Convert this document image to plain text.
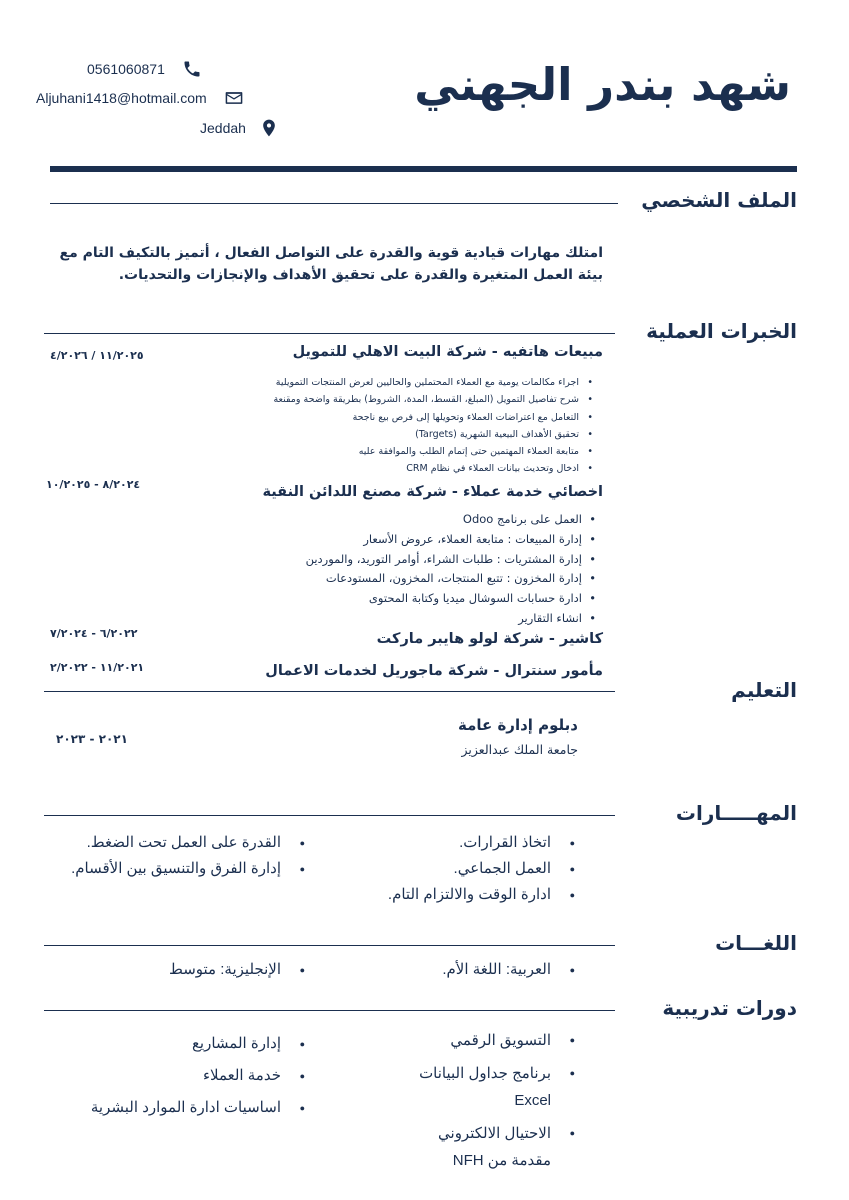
شهد بندر الجهني
0561060871
Aljuhani1418@hotmail.com
Jeddah
الملف الشخصي
امتلك مهارات قيادية قوية والقدرة على التواصل الفعال ، أتميز بالتكيف التام مع بيئة العمل المتغيرة والقدرة على تحقيق الأهداف والإنجازات والتحديات.
الخبرات العملية
مبيعات هاتفيه - شركة البيت الاهلي للتمويل
١١/٢٠٢٥ / ٤/٢٠٢٦
• اجراء مكالمات يومية مع العملاء المحتملين والحاليين لعرض المنتجات التمويلية
• شرح تفاصيل التمويل (المبلغ، القسط، المدة، الشروط) بطريقة واضحة ومقنعة
• التعامل مع اعتراضات العملاء وتحويلها إلى فرص بيع ناجحة
• تحقيق الأهداف البيعية الشهرية (Targets)
• متابعة العملاء المهتمين حتى إتمام الطلب والموافقة عليه
• ادخال وتحديث بيانات العملاء في نظام CRM
اخصائي خدمة عملاء - شركة مصنع اللدائن النقية
٨/٢٠٢٤ - ١٠/٢٠٢٥
• العمل على برنامج Odoo
• إدارة المبيعات : متابعة العملاء، عروض الأسعار
• إدارة المشتريات : طلبات الشراء، أوامر التوريد، والموردين
• إدارة المخزون : تتبع المنتجات، المخزون، المستودعات
• ادارة حسابات السوشال ميديا وكتابة المحتوى
• انشاء التقارير
كاشير - شركة لولو هايبر ماركت
٦/٢٠٢٢ - ٧/٢٠٢٤
مأمور سنترال - شركة ماجوريل لخدمات الاعمال
١١/٢٠٢١ - ٢/٢٠٢٢
التعليم
دبلوم إدارة عامة
جامعة الملك عبدالعزيز
٢٠٢١ - ٢٠٢٣
المهـــــارات
● اتخاذ القرارات.
● العمل الجماعي.
● ادارة الوقت والالتزام التام.
● القدرة على العمل تحت الضغط.
● إدارة الفرق والتنسيق بين الأقسام.
اللغـــات
● العربية: اللغة الأم.
● الإنجليزية: متوسط
دورات تدريبية
● التسويق الرقمي
● برنامج جداول البيانات Excel
● الاحتيال الالكتروني مقدمة من NFH
● إدارة المشاريع
● خدمة العملاء
● اساسيات ادارة الموارد البشرية
